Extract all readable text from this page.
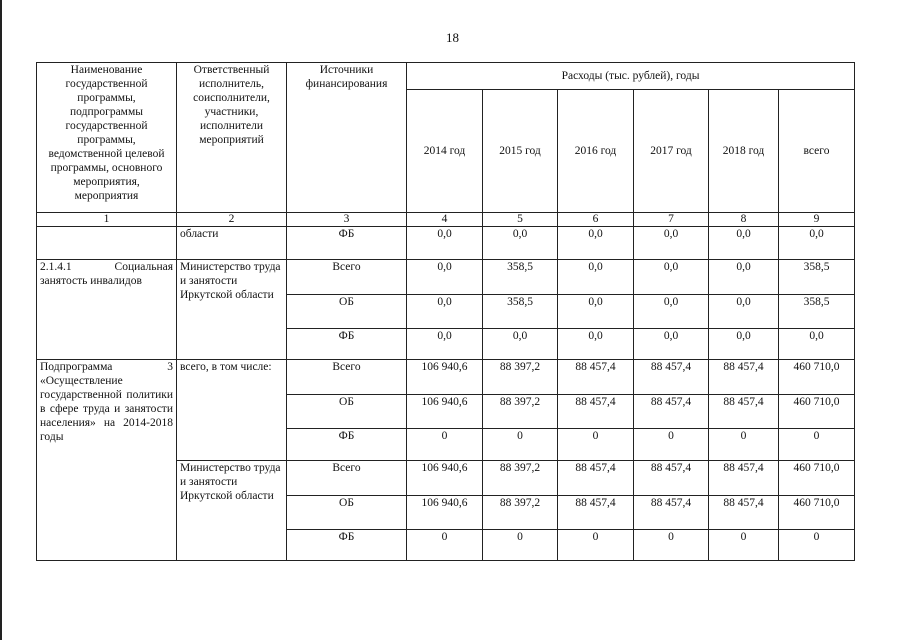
18
Наименование государственной программы, подпрограммы государственной программы, ведомственной целевой программы, основного мероприятия, мероприятия	Ответственный исполнитель, соисполнители, участники, исполнители мероприятий	Источники финансирования	Расходы (тыс. рублей), годы					
			2014 год	2015 год	2016 год	2017 год	2018 год	всего
1	2	3	4	5	6	7	8	9
	области	ФБ	0,0	0,0	0,0	0,0	0,0	0,0

2.1.4.1 Социальная
занятость инвалидов	Министерство труда и занятости Иркутской области	Всего	0,0	358,5	0,0	0,0	0,0	358,5
		ОБ	0,0	358,5	0,0	0,0	0,0	358,5
		ФБ	0,0	0,0	0,0	0,0	0,0	0,0

Подпрограмма 3
«Осуществление государственной политики в сфере труда и занятости населения» на 2014-2018 годы	всего, в том числе:	Всего	106 940,6	88 397,2	88 457,4	88 457,4	88 457,4	460 710,0
		ОБ	106 940,6	88 397,2	88 457,4	88 457,4	88 457,4	460 710,0
		ФБ	0	0	0	0	0	0
	Министерство труда и занятости Иркутской области	Всего	106 940,6	88 397,2	88 457,4	88 457,4	88 457,4	460 710,0
		ОБ	106 940,6	88 397,2	88 457,4	88 457,4	88 457,4	460 710,0
		ФБ	0	0	0	0	0	0
